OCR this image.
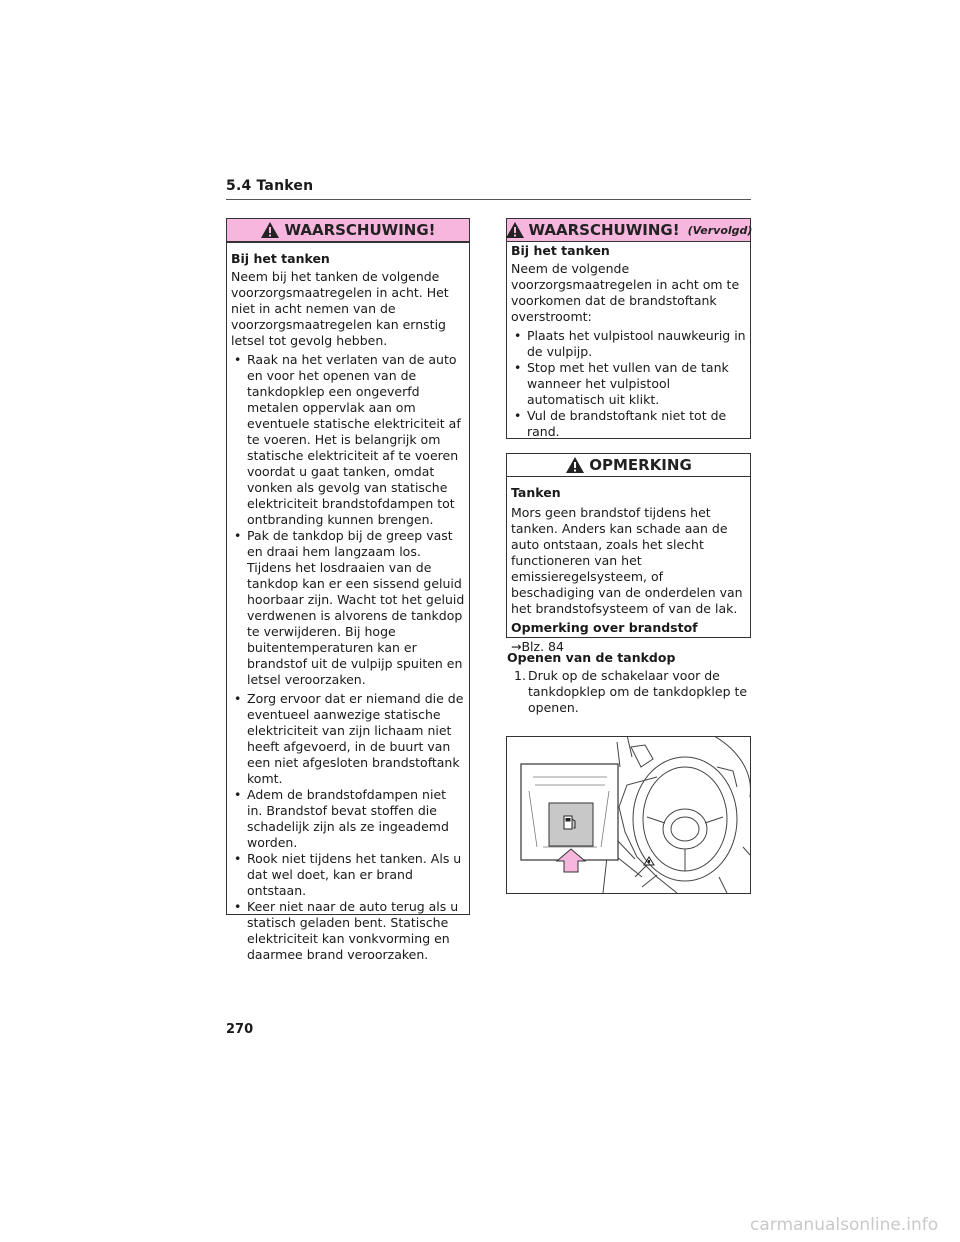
5.4 Tanken
WAARSCHUWING!
Bij het tanken

Neem bij het tanken de volgende voorzorgsmaatregelen in acht. Het niet in acht nemen van de voorzorgsmaatregelen kan ernstig letsel tot gevolg hebben.

• Raak na het verlaten van de auto en voor het openen van de tankdopklep een ongeverfd metalen oppervlak aan om eventuele statische elektriciteit af te voeren. Het is belangrijk om statische elektriciteit af te voeren voordat u gaat tanken, omdat vonken als gevolg van statische elektriciteit brandstofdampen tot ontbranding kunnen brengen.
• Pak de tankdop bij de greep vast en draai hem langzaam los.

Tijdens het losdraaien van de tankdop kan er een sissend geluid hoorbaar zijn. Wacht tot het geluid verdwenen is alvorens de tankdop te verwijderen. Bij hoge buitentemperaturen kan er brandstof uit de vulpijp spuiten en letsel veroorzaken.

• Zorg ervoor dat er niemand die de eventueel aanwezige statische elektriciteit van zijn lichaam niet heeft afgevoerd, in de buurt van een niet afgesloten brandstoftank komt.
• Adem de brandstofdampen niet in. Brandstof bevat stoffen die schadelijk zijn als ze ingeademd worden.
• Rook niet tijdens het tanken. Als u dat wel doet, kan er brand ontstaan.
• Keer niet naar de auto terug als u statisch geladen bent. Statische elektriciteit kan vonkvorming en daarmee brand veroorzaken.
WAARSCHUWING! (Vervolgd)
Bij het tanken

Neem de volgende voorzorgsmaatregelen in acht om te voorkomen dat de brandstoftank overstroomt:

• Plaats het vulpistool nauwkeurig in de vulpijp.
• Stop met het vullen van de tank wanneer het vulpistool automatisch uit klikt.
• Vul de brandstoftank niet tot de rand.
OPMERKING
Tanken

Mors geen brandstof tijdens het tanken. Anders kan schade aan de auto ontstaan, zoals het slecht functioneren van het emissieregelsysteem, of beschadiging van de onderdelen van het brandstofsysteem of van de lak.

Opmerking over brandstof

→Blz. 84

Openen van de tankdop
1. Druk op de schakelaar voor de tankdopklep om de tankdopklep te openen.
270
carmanualsonline.info
